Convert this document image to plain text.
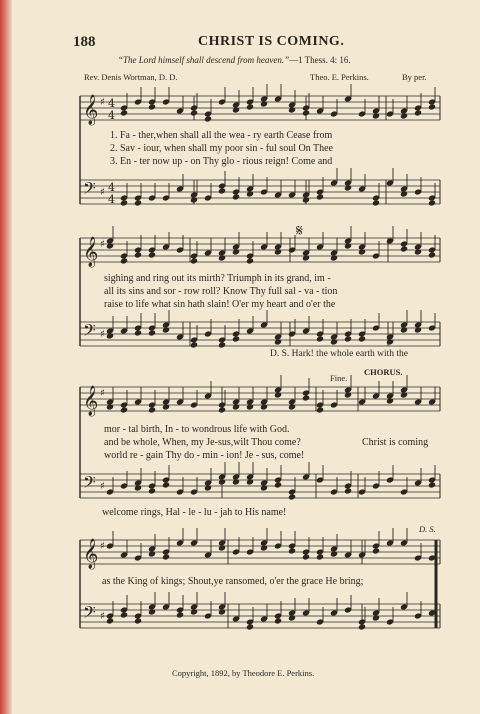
188	CHRIST IS COMING.
“The Lord himself shall descend from heaven.”—1 Thess. 4: 16.
Rev. Denis Wortman, D. D.	Theo. E. Perkins.	By per.
𝄞
𝄢
♯
♯
4
4
4
4
𝄞
𝄢
♯
♯
𝄞
𝄢
♯
♯
𝄞
𝄢
♯
♯
𝄋
1. Fa - ther,when shall all the wea - ry earth Cease from
2. Sav - iour, when shall my poor sin - ful soul On Thee
3. En - ter now up - on Thy glo - rious reign! Come and
sighing and ring out its mirth? Triumph in its grand, im -
all its sins and sor - row roll? Know Thy full sal - va - tion
raise to life what sin hath slain! O'er my heart and o'er the
D. S. Hark! the whole earth with the
Fine.
CHORUS.
mor - tal birth, In - to wondrous life with God.
and be whole, When, my Je-sus,wilt Thou come?
world re - gain Thy do - min - ion! Je - sus, come!
Christ is coming
welcome rings, Hal - le - lu - jah to His name!
D. S.
as the King of kings; Shout,ye ransomed, o'er the grace He bring;
Copyright, 1892, by Theodore E. Perkins.
